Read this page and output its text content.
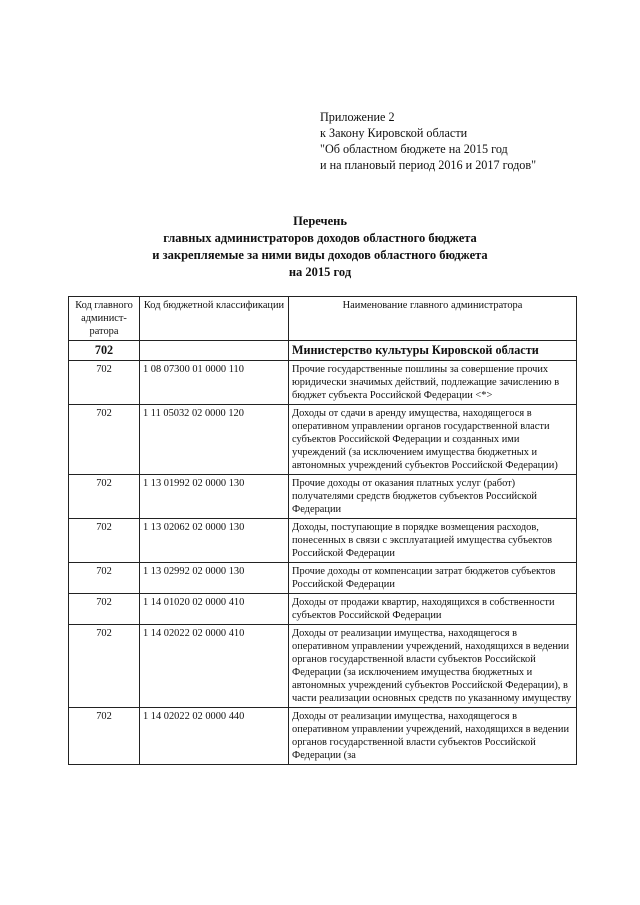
Приложение 2
к Закону Кировской области
"Об областном бюджете на 2015 год
и на плановый период 2016 и 2017 годов"
Перечень
главных администраторов доходов областного бюджета
и закрепляемые за ними виды доходов областного бюджета
на 2015 год
Код главного админист-ратора	Код бюджетной классификации	Наименование главного администратора
702		Министерство культуры Кировской области
702	1 08 07300 01 0000 110	Прочие государственные пошлины за совершение прочих юридически значимых действий, подлежащие зачислению в бюджет субъекта Российской Федерации <*>
702	1 11 05032 02 0000 120	Доходы от сдачи в аренду имущества, находящегося в оперативном управлении органов государственной власти субъектов Российской Федерации и созданных ими учреждений (за исключением имущества бюджетных и автономных учреждений субъектов Российской Федерации)
702	1 13 01992 02 0000 130	Прочие доходы от оказания платных услуг (работ) получателями средств бюджетов субъектов Российской Федерации
702	1 13 02062 02 0000 130	Доходы, поступающие в порядке возмещения расходов, понесенных в связи с эксплуатацией имущества субъектов Российской Федерации
702	1 13 02992 02 0000 130	Прочие доходы от компенсации затрат бюджетов субъектов Российской Федерации
702	1 14 01020 02 0000 410	Доходы от продажи квартир, находящихся в собственности субъектов Российской Федерации
702	1 14 02022 02 0000 410	Доходы от реализации имущества, находящегося в оперативном управлении учреждений, находящихся в ведении органов государственной власти субъектов Российской Федерации (за исключением имущества бюджетных и автономных учреждений субъектов Российской Федерации), в части реализации основных средств по указанному имуществу
702	1 14 02022 02 0000 440	Доходы от реализации имущества, находящегося в оперативном управлении учреждений, находящихся в ведении органов государственной власти субъектов Российской Федерации (за
